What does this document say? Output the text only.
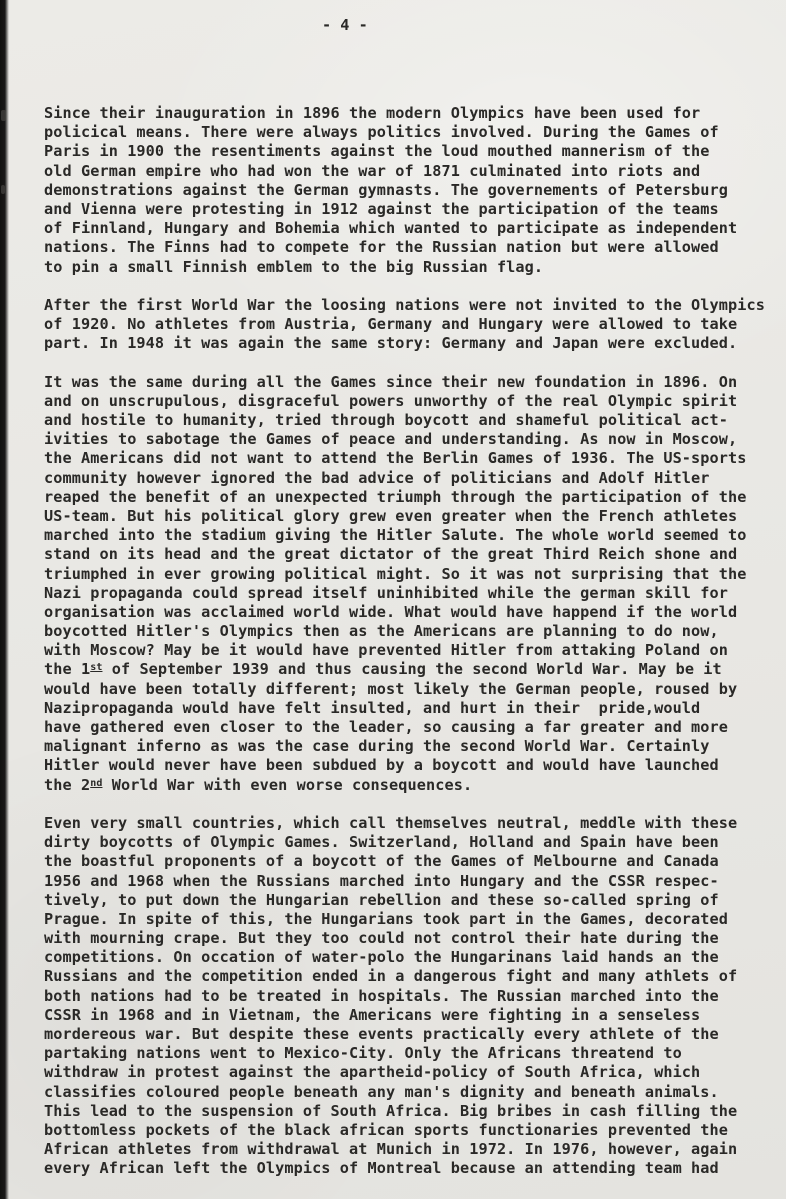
- 4 -
Since their inauguration in 1896 the modern Olympics have been used for
policical means. There were always politics involved. During the Games of
Paris in 1900 the resentiments against the loud mouthed mannerism of the
old German empire who had won the war of 1871 culminated into riots and
demonstrations against the German gymnasts. The governements of Petersburg
and Vienna were protesting in 1912 against the participation of the teams
of Finnland, Hungary and Bohemia which wanted to participate as independent
nations. The Finns had to compete for the Russian nation but were allowed
to pin a small Finnish emblem to the big Russian flag.
After the first World War the loosing nations were not invited to the Olympics
of 1920. No athletes from Austria, Germany and Hungary were allowed to take
part. In 1948 it was again the same story: Germany and Japan were excluded.
It was the same during all the Games since their new foundation in 1896. On
and on unscrupulous, disgraceful powers unworthy of the real Olympic spirit
and hostile to humanity, tried through boycott and shameful political act-
ivities to sabotage the Games of peace and understanding. As now in Moscow,
the Americans did not want to attend the Berlin Games of 1936. The US-sports
community however ignored the bad advice of politicians and Adolf Hitler
reaped the benefit of an unexpected triumph through the participation of the
US-team. But his political glory grew even greater when the French athletes
marched into the stadium giving the Hitler Salute. The whole world seemed to
stand on its head and the great dictator of the great Third Reich shone and
triumphed in ever growing political might. So it was not surprising that the
Nazi propaganda could spread itself uninhibited while the german skill for
organisation was acclaimed world wide. What would have happend if the world
boycotted Hitler's Olympics then as the Americans are planning to do now,
with Moscow? May be it would have prevented Hitler from attaking Poland on
the 1st of September 1939 and thus causing the second World War. May be it
would have been totally different; most likely the German people, roused by
Nazipropaganda would have felt insulted, and hurt in their  pride,would
have gathered even closer to the leader, so causing a far greater and more
malignant inferno as was the case during the second World War. Certainly
Hitler would never have been subdued by a boycott and would have launched
the 2nd World War with even worse consequences.
Even very small countries, which call themselves neutral, meddle with these
dirty boycotts of Olympic Games. Switzerland, Holland and Spain have been
the boastful proponents of a boycott of the Games of Melbourne and Canada
1956 and 1968 when the Russians marched into Hungary and the CSSR respec-
tively, to put down the Hungarian rebellion and these so-called spring of
Prague. In spite of this, the Hungarians took part in the Games, decorated
with mourning crape. But they too could not control their hate during the
competitions. On occation of water-polo the Hungarinans laid hands an the
Russians and the competition ended in a dangerous fight and many athlets of
both nations had to be treated in hospitals. The Russian marched into the
CSSR in 1968 and in Vietnam, the Americans were fighting in a senseless
mordereous war. But despite these events practically every athlete of the
partaking nations went to Mexico-City. Only the Africans threatend to
withdraw in protest against the apartheid-policy of South Africa, which
classifies coloured people beneath any man's dignity and beneath animals.
This lead to the suspension of South Africa. Big bribes in cash filling the
bottomless pockets of the black african sports functionaries prevented the
African athletes from withdrawal at Munich in 1972. In 1976, however, again
every African left the Olympics of Montreal because an attending team had
